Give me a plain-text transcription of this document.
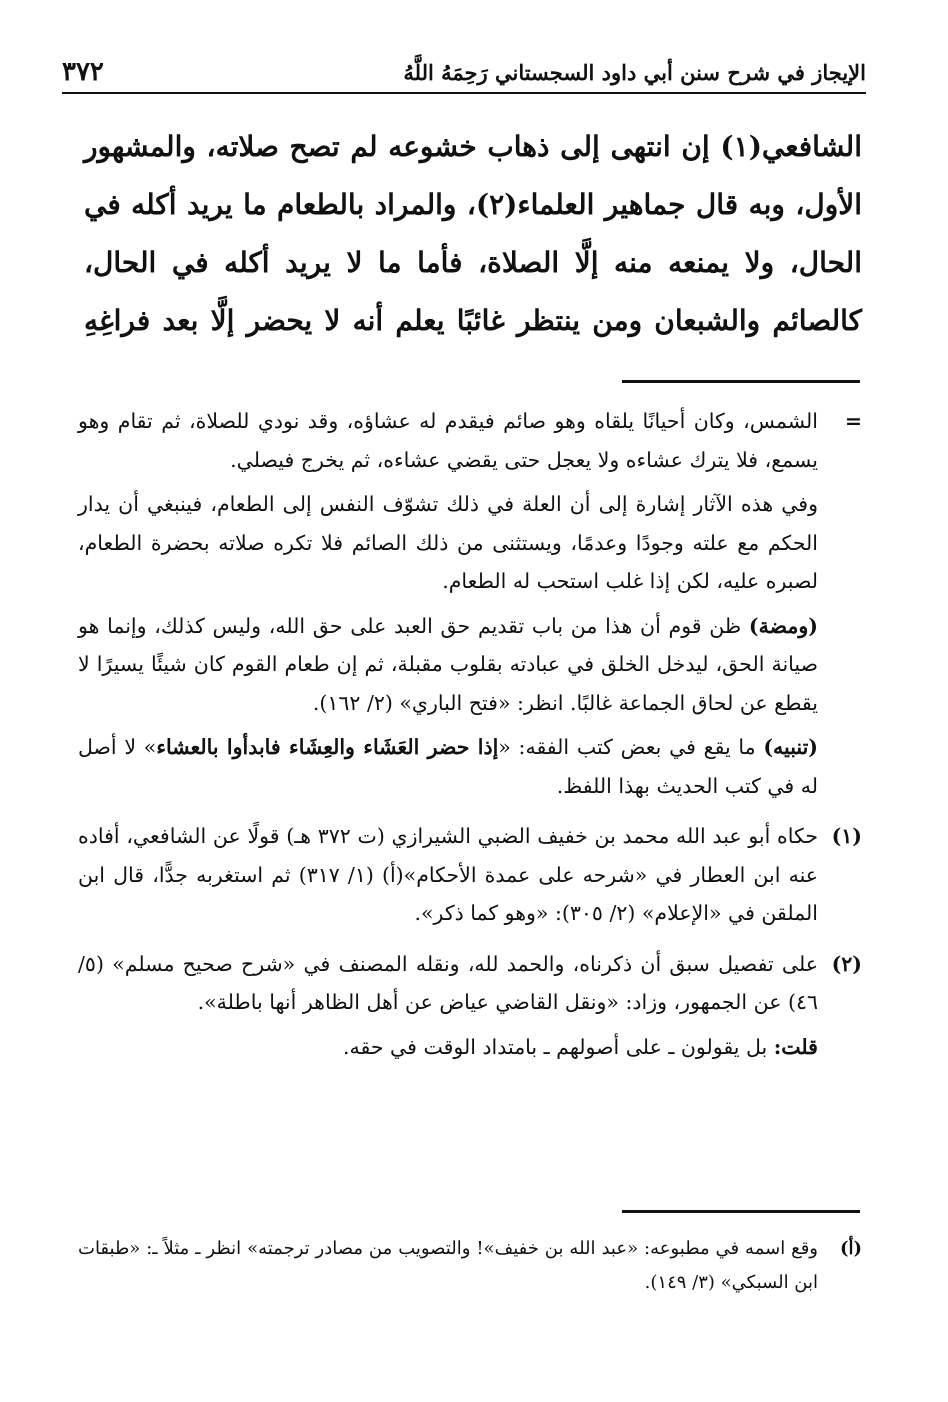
٣٧٢	الإيجاز في شرح سنن أبي داود السجستاني رَحِمَهُ اللَّهُ

الشافعي(١) إن انتهى إلى ذهاب خشوعه لم تصح صلاته، والمشهور

الأول، وبه قال جماهير العلماء(٢)، والمراد بالطعام ما يريد أكله في

الحال، ولا يمنعه منه إلَّا الصلاة، فأما ما لا يريد أكله في الحال،

كالصائم والشبعان ومن ينتظر غائبًا يعلم أنه لا يحضر إلَّا بعد فراغِهِ

=

الشمس، وكان أحيانًا يلقاه وهو صائم فيقدم له عشاؤه، وقد نودي للصلاة، ثم تقام وهو يسمع، فلا يترك عشاءه ولا يعجل حتى يقضي عشاءه، ثم يخرج فيصلي.

وفي هذه الآثار إشارة إلى أن العلة في ذلك تشوّف النفس إلى الطعام، فينبغي أن يدار الحكم مع علته وجودًا وعدمًا، ويستثنى من ذلك الصائم فلا تكره صلاته بحضرة الطعام، لصبره عليه، لكن إذا غلب استحب له الطعام.

(ومضة) ظن قوم أن هذا من باب تقديم حق العبد على حق الله، وليس كذلك، وإنما هو صيانة الحق، ليدخل الخلق في عبادته بقلوب مقبلة، ثم إن طعام القوم كان شيئًا يسيرًا لا يقطع عن لحاق الجماعة غالبًا. انظر: «فتح الباري» (٢/ ١٦٢).

(تنبيه) ما يقع في بعض كتب الفقه: «إذا حضر العَشَاء والعِشَاء فابدأوا بالعشاء» لا أصل له في كتب الحديث بهذا اللفظ.

(١)

حكاه أبو عبد الله محمد بن خفيف الضبي الشيرازي (ت ٣٧٢ هـ) قولًا عن الشافعي، أفاده عنه ابن العطار في «شرحه على عمدة الأحكام»(أ) (١/ ٣١٧) ثم استغربه جدًّا، قال ابن الملقن في «الإعلام» (٢/ ٣٠٥): «وهو كما ذكر».

(٢)

على تفصيل سبق أن ذكرناه، والحمد لله، ونقله المصنف في «شرح صحيح مسلم» (٥/ ٤٦) عن الجمهور، وزاد: «ونقل القاضي عياض عن أهل الظاهر أنها باطلة».

قلت: بل يقولون ـ على أصولهم ـ بامتداد الوقت في حقه.

(أ)

وقع اسمه في مطبوعه: «عبد الله بن خفيف»! والتصويب من مصادر ترجمته» انظر ـ مثلاً ـ: «طبقات ابن السبكي» (٣/ ١٤٩).
